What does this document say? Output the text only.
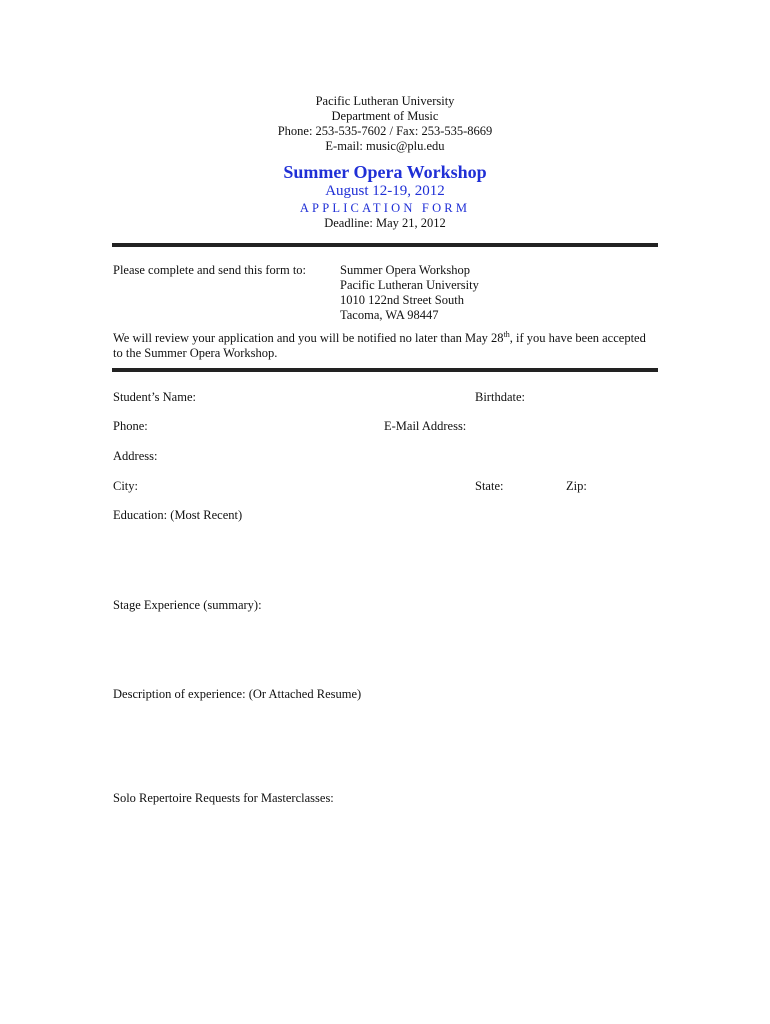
Pacific Lutheran University
Department of Music
Phone: 253-535-7602 / Fax: 253-535-8669
E-mail: music@plu.edu
Summer Opera Workshop
August 12-19, 2012
APPLICATION FORM
Deadline: May 21, 2012
Please complete and send this form to:	Summer Opera Workshop
Pacific Lutheran University
1010 122nd Street South
Tacoma, WA 98447
We will review your application and you will be notified no later than May 28th, if you have been accepted
to the Summer Opera Workshop.
Student’s Name:	Birthdate:
Phone:	E-Mail Address:
Address:
City:	State:	Zip:
Education: (Most Recent)
Stage Experience (summary):
Description of experience: (Or Attached Resume)
Solo Repertoire Requests for Masterclasses:
